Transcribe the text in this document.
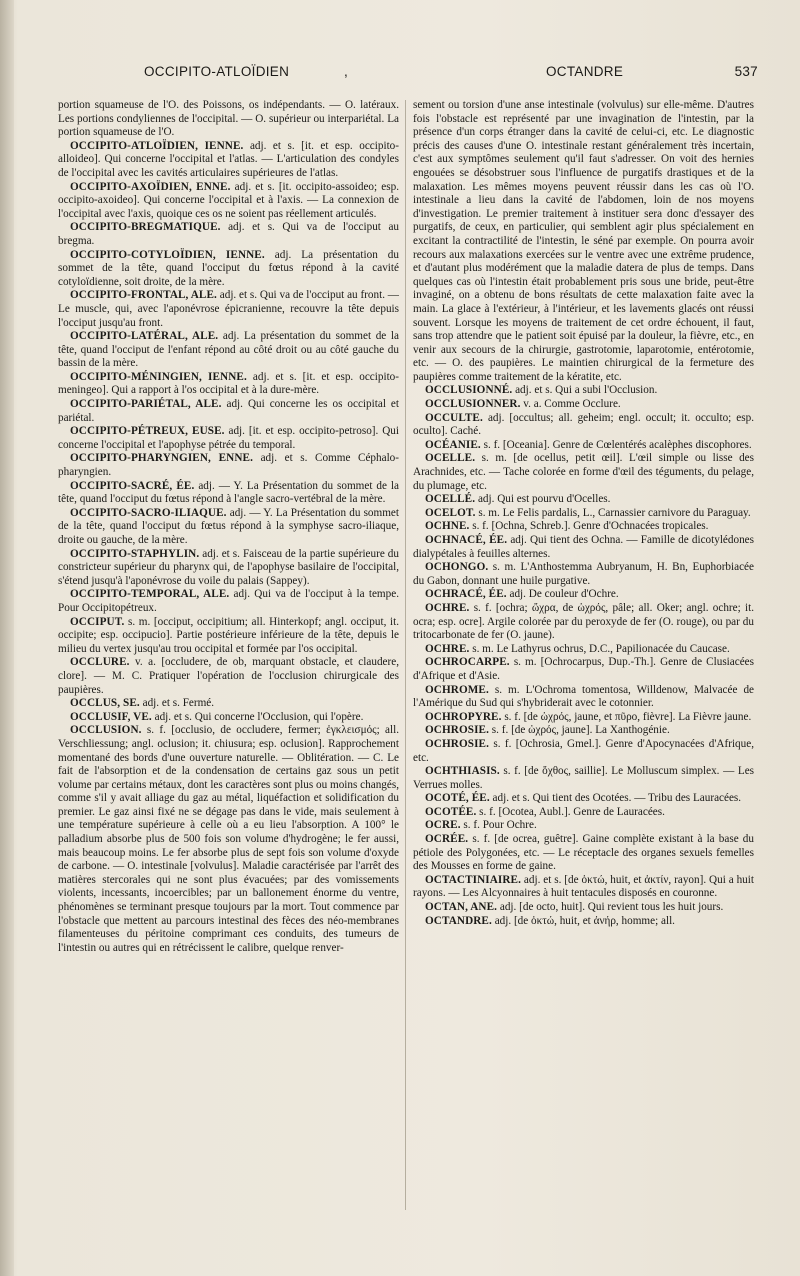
OCCIPITO-ATLOÏDIEN	,	OCTANDRE	537

portion squameuse de l'O. des Poissons, os indépendants. — O. latéraux. Les portions condyliennes de l'occipital. — O. supérieur ou interpariétal. La portion squameuse de l'O.

OCCIPITO-ATLOÏDIEN, IENNE. adj. et s. [it. et esp. occipito-alloideo]. Qui concerne l'occipital et l'atlas. — L'articulation des condyles de l'occipital avec les cavités articulaires supérieures de l'atlas.

OCCIPITO-AXOÏDIEN, ENNE. adj. et s. [it. occipito-assoideo; esp. occipito-axoideo]. Qui concerne l'occipital et à l'axis. — La connexion de l'occipital avec l'axis, quoique ces os ne soient pas réellement articulés.

OCCIPITO-BREGMATIQUE. adj. et s. Qui va de l'occiput au bregma.

OCCIPITO-COTYLOÏDIEN, IENNE. adj. La présentation du sommet de la tête, quand l'occiput du fœtus répond à la cavité cotyloïdienne, soit droite, de la mère.

OCCIPITO-FRONTAL, ALE. adj. et s. Qui va de l'occiput au front. — Le muscle, qui, avec l'aponévrose épicranienne, recouvre la tête depuis l'occiput jusqu'au front.

OCCIPITO-LATÉRAL, ALE. adj. La présentation du sommet de la tête, quand l'occiput de l'enfant répond au côté droit ou au côté gauche du bassin de la mère.

OCCIPITO-MÉNINGIEN, IENNE. adj. et s. [it. et esp. occipito-meningeo]. Qui a rapport à l'os occipital et à la dure-mère.

OCCIPITO-PARIÉTAL, ALE. adj. Qui concerne les os occipital et pariétal.

OCCIPITO-PÉTREUX, EUSE. adj. [it. et esp. occipito-petroso]. Qui concerne l'occipital et l'apophyse pétrée du temporal.

OCCIPITO-PHARYNGIEN, ENNE. adj. et s. Comme Céphalo-pharyngien.

OCCIPITO-SACRÉ, ÉE. adj. — Y. La Présentation du sommet de la tête, quand l'occiput du fœtus répond à l'angle sacro-vertébral de la mère.

OCCIPITO-SACRO-ILIAQUE. adj. — Y. La Présentation du sommet de la tête, quand l'occiput du fœtus répond à la symphyse sacro-iliaque, droite ou gauche, de la mère.

OCCIPITO-STAPHYLIN. adj. et s. Faisceau de la partie supérieure du constricteur supérieur du pharynx qui, de l'apophyse basilaire de l'occipital, s'étend jusqu'à l'aponévrose du voile du palais (Sappey).

OCCIPITO-TEMPORAL, ALE. adj. Qui va de l'occiput à la tempe. Pour Occipitopétreux.

OCCIPUT. s. m. [occiput, occipitium; all. Hinterkopf; angl. occiput, it. occipite; esp. occipucio]. Partie postérieure inférieure de la tête, depuis le milieu du vertex jusqu'au trou occipital et formée par l'os occipital.

OCCLURE. v. a. [occludere, de ob, marquant obstacle, et claudere, clore]. — M. C. Pratiquer l'opération de l'occlusion chirurgicale des paupières.

OCCLUS, SE. adj. et s. Fermé.

OCCLUSIF, VE. adj. et s. Qui concerne l'Occlusion, qui l'opère.

OCCLUSION. s. f. [occlusio, de occludere, fermer; ἐγκλεισμός; all. Verschliessung; angl. oclusion; it. chiusura; esp. oclusion]. Rapprochement momentané des bords d'une ouverture naturelle. — Oblitération. — C. Le fait de l'absorption et de la condensation de certains gaz sous un petit volume par certains métaux, dont les caractères sont plus ou moins changés, comme s'il y avait alliage du gaz au métal, liquéfaction et solidification du premier. Le gaz ainsi fixé ne se dégage pas dans le vide, mais seulement à une température supérieure à celle où a eu lieu l'absorption. A 100° le palladium absorbe plus de 500 fois son volume d'hydrogène; le fer aussi, mais beaucoup moins. Le fer absorbe plus de sept fois son volume d'oxyde de carbone. — O. intestinale [volvulus]. Maladie caractérisée par l'arrêt des matières stercorales qui ne sont plus évacuées; par des vomissements violents, incessants, incoercibles; par un ballonement énorme du ventre, phénomènes se terminant presque toujours par la mort. Tout commence par l'obstacle que mettent au parcours intestinal des fèces des néo-membranes filamenteuses du péritoine comprimant ces conduits, des tumeurs de l'intestin ou autres qui en rétrécissent le calibre, quelque renver-

sement ou torsion d'une anse intestinale (volvulus) sur elle-même. D'autres fois l'obstacle est représenté par une invagination de l'intestin, par la présence d'un corps étranger dans la cavité de celui-ci, etc. Le diagnostic précis des causes d'une O. intestinale restant généralement très incertain, c'est aux symptômes seulement qu'il faut s'adresser. On voit des hernies engouées se désobstruer sous l'influence de purgatifs drastiques et de la malaxation. Les mêmes moyens peuvent réussir dans les cas où l'O. intestinale a lieu dans la cavité de l'abdomen, loin de nos moyens d'investigation. Le premier traitement à instituer sera donc d'essayer des purgatifs, de ceux, en particulier, qui semblent agir plus spécialement en excitant la contractilité de l'intestin, le séné par exemple. On pourra avoir recours aux malaxations exercées sur le ventre avec une extrême prudence, et d'autant plus modérément que la maladie datera de plus de temps. Dans quelques cas où l'intestin était probablement pris sous une bride, peut-être invaginé, on a obtenu de bons résultats de cette malaxation faite avec la main. La glace à l'extérieur, à l'intérieur, et les lavements glacés ont réussi souvent. Lorsque les moyens de traitement de cet ordre échouent, il faut, sans trop attendre que le patient soit épuisé par la douleur, la fièvre, etc., en venir aux secours de la chirurgie, gastrotomie, laparotomie, entérotomie, etc. — O. des paupières. Le maintien chirurgical de la fermeture des paupières comme traitement de la kératite, etc.

OCCLUSIONNÉ. adj. et s. Qui a subi l'Occlusion.

OCCLUSIONNER. v. a. Comme Occlure.

OCCULTE. adj. [occultus; all. geheim; engl. occult; it. occulto; esp. oculto]. Caché.

OCÉANIE. s. f. [Oceania]. Genre de Cœlentérés acalèphes discophores.

OCELLE. s. m. [de ocellus, petit œil]. L'œil simple ou lisse des Arachnides, etc. — Tache colorée en forme d'œil des téguments, du pelage, du plumage, etc.

OCELLÉ. adj. Qui est pourvu d'Ocelles.

OCELOT. s. m. Le Felis pardalis, L., Carnassier carnivore du Paraguay.

OCHNE. s. f. [Ochna, Schreb.]. Genre d'Ochnacées tropicales.

OCHNACÉ, ÉE. adj. Qui tient des Ochna. — Famille de dicotylédones dialypétales à feuilles alternes.

OCHONGO. s. m. L'Anthostemma Aubryanum, H. Bn, Euphorbiacée du Gabon, donnant une huile purgative.

OCHRACÉ, ÉE. adj. De couleur d'Ochre.

OCHRE. s. f. [ochra; ὤχρα, de ὠχρός, pâle; all. Oker; angl. ochre; it. ocra; esp. ocre]. Argile colorée par du peroxyde de fer (O. rouge), ou par du tritocarbonate de fer (O. jaune).

OCHRE. s. m. Le Lathyrus ochrus, D.C., Papilionacée du Caucase.

OCHROCARPE. s. m. [Ochrocarpus, Dup.-Th.]. Genre de Clusiacées d'Afrique et d'Asie.

OCHROME. s. m. L'Ochroma tomentosa, Willdenow, Malvacée de l'Amérique du Sud qui s'hybriderait avec le cotonnier.

OCHROPYRE. s. f. [de ὠχρός, jaune, et πῦρο, fièvre]. La Fièvre jaune.

OCHROSIE. s. f. [de ὠχρός, jaune]. La Xanthogénie.

OCHROSIE. s. f. [Ochrosia, Gmel.]. Genre d'Apocynacées d'Afrique, etc.

OCHTHIASIS. s. f. [de ὄχθος, saillie]. Le Molluscum simplex. — Les Verrues molles.

OCOTÉ, ÉE. adj. et s. Qui tient des Ocotées. — Tribu des Lauracées.

OCOTÉE. s. f. [Ocotea, Aubl.]. Genre de Lauracées.

OCRE. s. f. Pour Ochre.

OCRÉE. s. f. [de ocrea, guêtre]. Gaine complète existant à la base du pétiole des Polygonées, etc. — Le réceptacle des organes sexuels femelles des Mousses en forme de gaine.

OCTACTINIAIRE. adj. et s. [de ὀκτώ, huit, et ἀκτίν, rayon]. Qui a huit rayons. — Les Alcyonnaires à huit tentacules disposés en couronne.

OCTAN, ANE. adj. [de octo, huit]. Qui revient tous les huit jours.

OCTANDRE. adj. [de ὀκτώ, huit, et ἀνήρ, homme; all.
